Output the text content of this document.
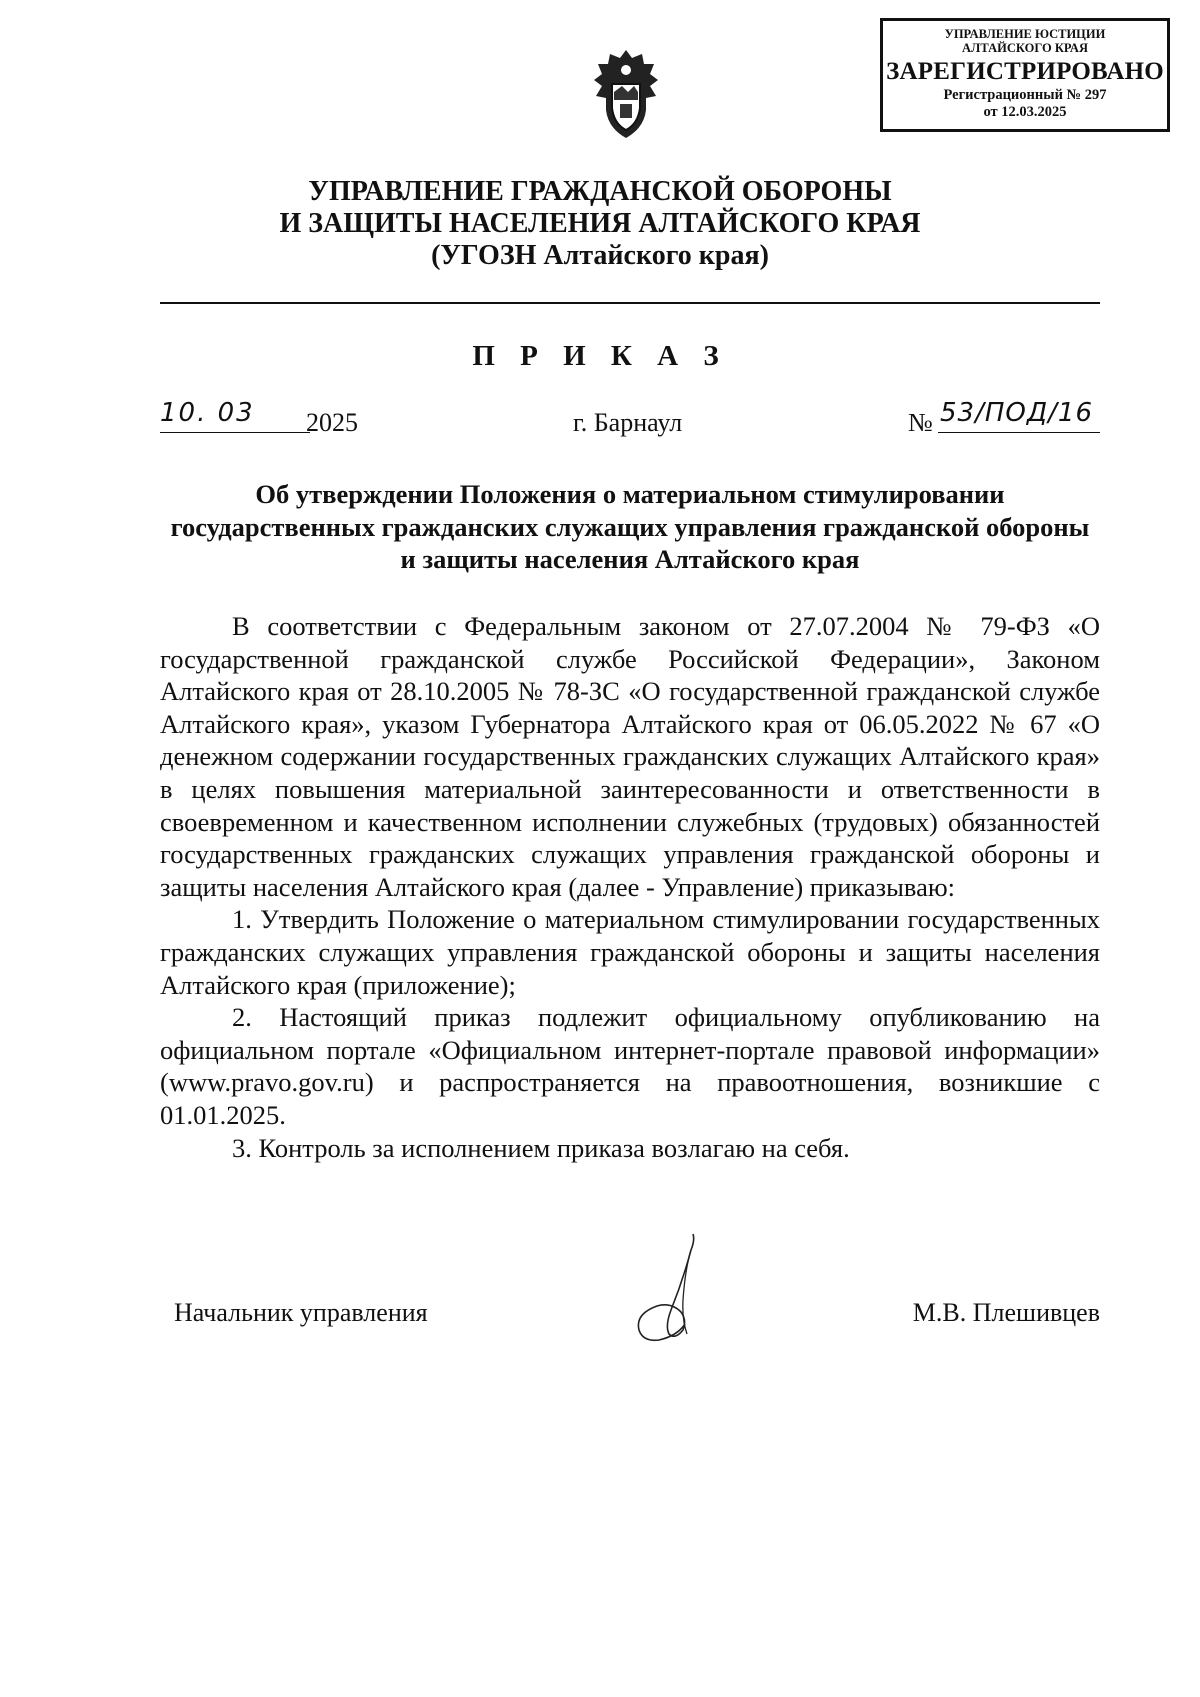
УПРАВЛЕНИЕ ЮСТИЦИИ
АЛТАЙСКОГО КРАЯ
ЗАРЕГИСТРИРОВАНО
Регистрационный № 297
от 12.03.2025
УПРАВЛЕНИЕ ГРАЖДАНСКОЙ ОБОРОНЫ
И ЗАЩИТЫ НАСЕЛЕНИЯ АЛТАЙСКОГО КРАЯ
(УГОЗН Алтайского края)
П Р И К А З
10. 03 2025	г. Барнаул	№ 53/ПОД/16
Об утверждении Положения о материальном стимулировании государственных гражданских служащих управления гражданской обороны и защиты населения Алтайского края

В соответствии с Федеральным законом от 27.07.2004 № 79-ФЗ «О государственной гражданской службе Российской Федерации», Законом Алтайского края от 28.10.2005 № 78-ЗС «О государственной гражданской службе Алтайского края», указом Губернатора Алтайского края от 06.05.2022 № 67 «О денежном содержании государственных гражданских служащих Алтайского края» в целях повышения материальной заинтересованности и ответственности в своевременном и качественном исполнении служебных (трудовых) обязанностей государственных гражданских служащих управления гражданской обороны и защиты населения Алтайского края (далее - Управление) приказываю:

1. Утвердить Положение о материальном стимулировании государственных гражданских служащих управления гражданской обороны и защиты населения Алтайского края (приложение);

2. Настоящий приказ подлежит официальному опубликованию на официальном портале «Официальном интернет-портале правовой информации» (www.pravo.gov.ru) и распространяется на правоотношения, возникшие с 01.01.2025.

3. Контроль за исполнением приказа возлагаю на себя.

Начальник управления	М.В. Плешивцев
